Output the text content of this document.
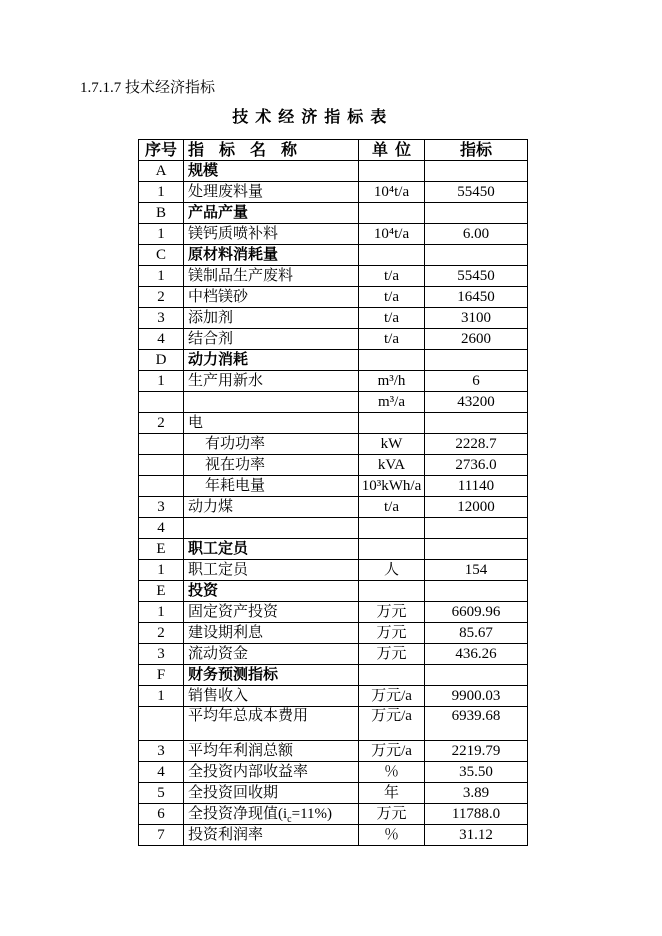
1.7.1.7 技术经济指标
技 术 经 济 指 标 表
序号	指 标 名 称	单 位	指标
A	规模		
1	处理废料量	10⁴t/a	55450
B	产品产量		
1	镁钙质喷补料	10⁴t/a	6.00
C	原材料消耗量		
1	镁制品生产废料	t/a	55450
2	中档镁砂	t/a	16450
3	添加剂	t/a	3100
4	结合剂	t/a	2600
D	动力消耗		
1	生产用新水	m³/h	6
		m³/a	43200
2	电		
	有功功率	kW	2228.7
	视在功率	kVA	2736.0
	年耗电量	10³kWh/a	11140
3	动力煤	t/a	12000
4			
E	职工定员		
1	职工定员	人	154
E	投资		
1	固定资产投资	万元	6609.96
2	建设期利息	万元	85.67
3	流动资金	万元	436.26
F	财务预测指标		
1	销售收入	万元/a	9900.03
	平均年总成本费用	万元/a	6939.68
3	平均年利润总额	万元/a	2219.79
4	全投资内部收益率	％	35.50
5	全投资回收期	年	3.89
6	全投资净现值$(i_c=11\%)$	万元	11788.0
7	投资利润率	％	31.12
